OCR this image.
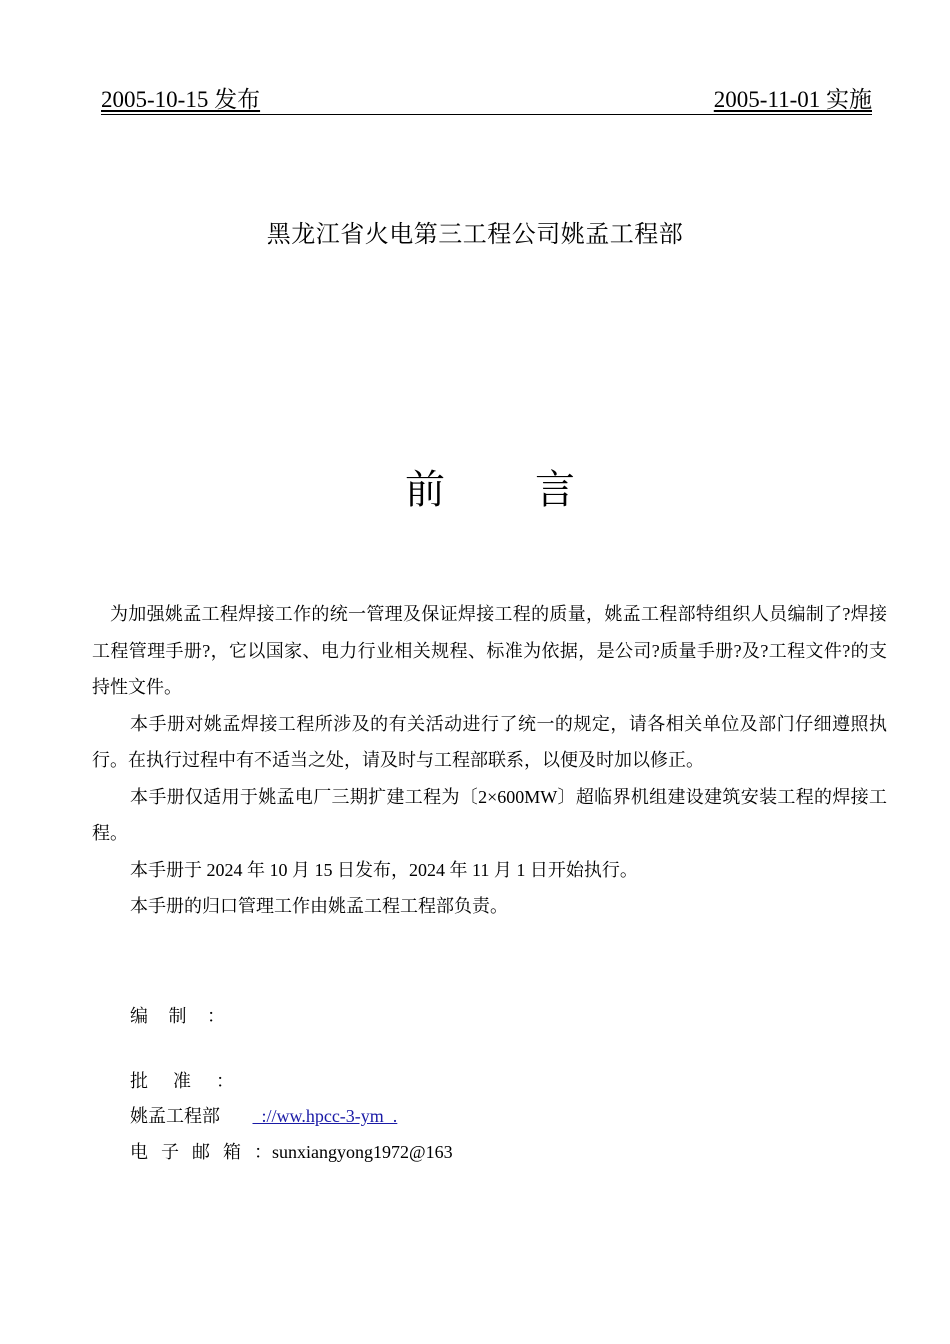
2005-10-15 发布	2005-11-01 实施
黑龙江省火电第三工程公司姚孟工程部
前 言

为加强姚孟工程焊接工作的统一管理及保证焊接工程的质量，姚孟工程部特组织人员编制了?焊接工程管理手册?，它以国家、电力行业相关规程、标准为依据，是公司?质量手册?及?工程文件?的支持性文件。

本手册对姚孟焊接工程所涉及的有关活动进行了统一的规定，请各相关单位及部门仔细遵照执行。在执行过程中有不适当之处，请及时与工程部联系，以便及时加以修正。

本手册仅适用于姚孟电厂三期扩建工程为〔2×600MW〕超临界机组建设建筑安装工程的焊接工程。

本手册于 2024 年 10 月 15 日发布，2024 年 11 月 1 日开始执行。

本手册的归口管理工作由姚孟工程工程部负责。

编制：
批准：
姚孟工程部   ://ww.hpcc-3-ym  .
电子邮箱：sunxiangyong1972@163
